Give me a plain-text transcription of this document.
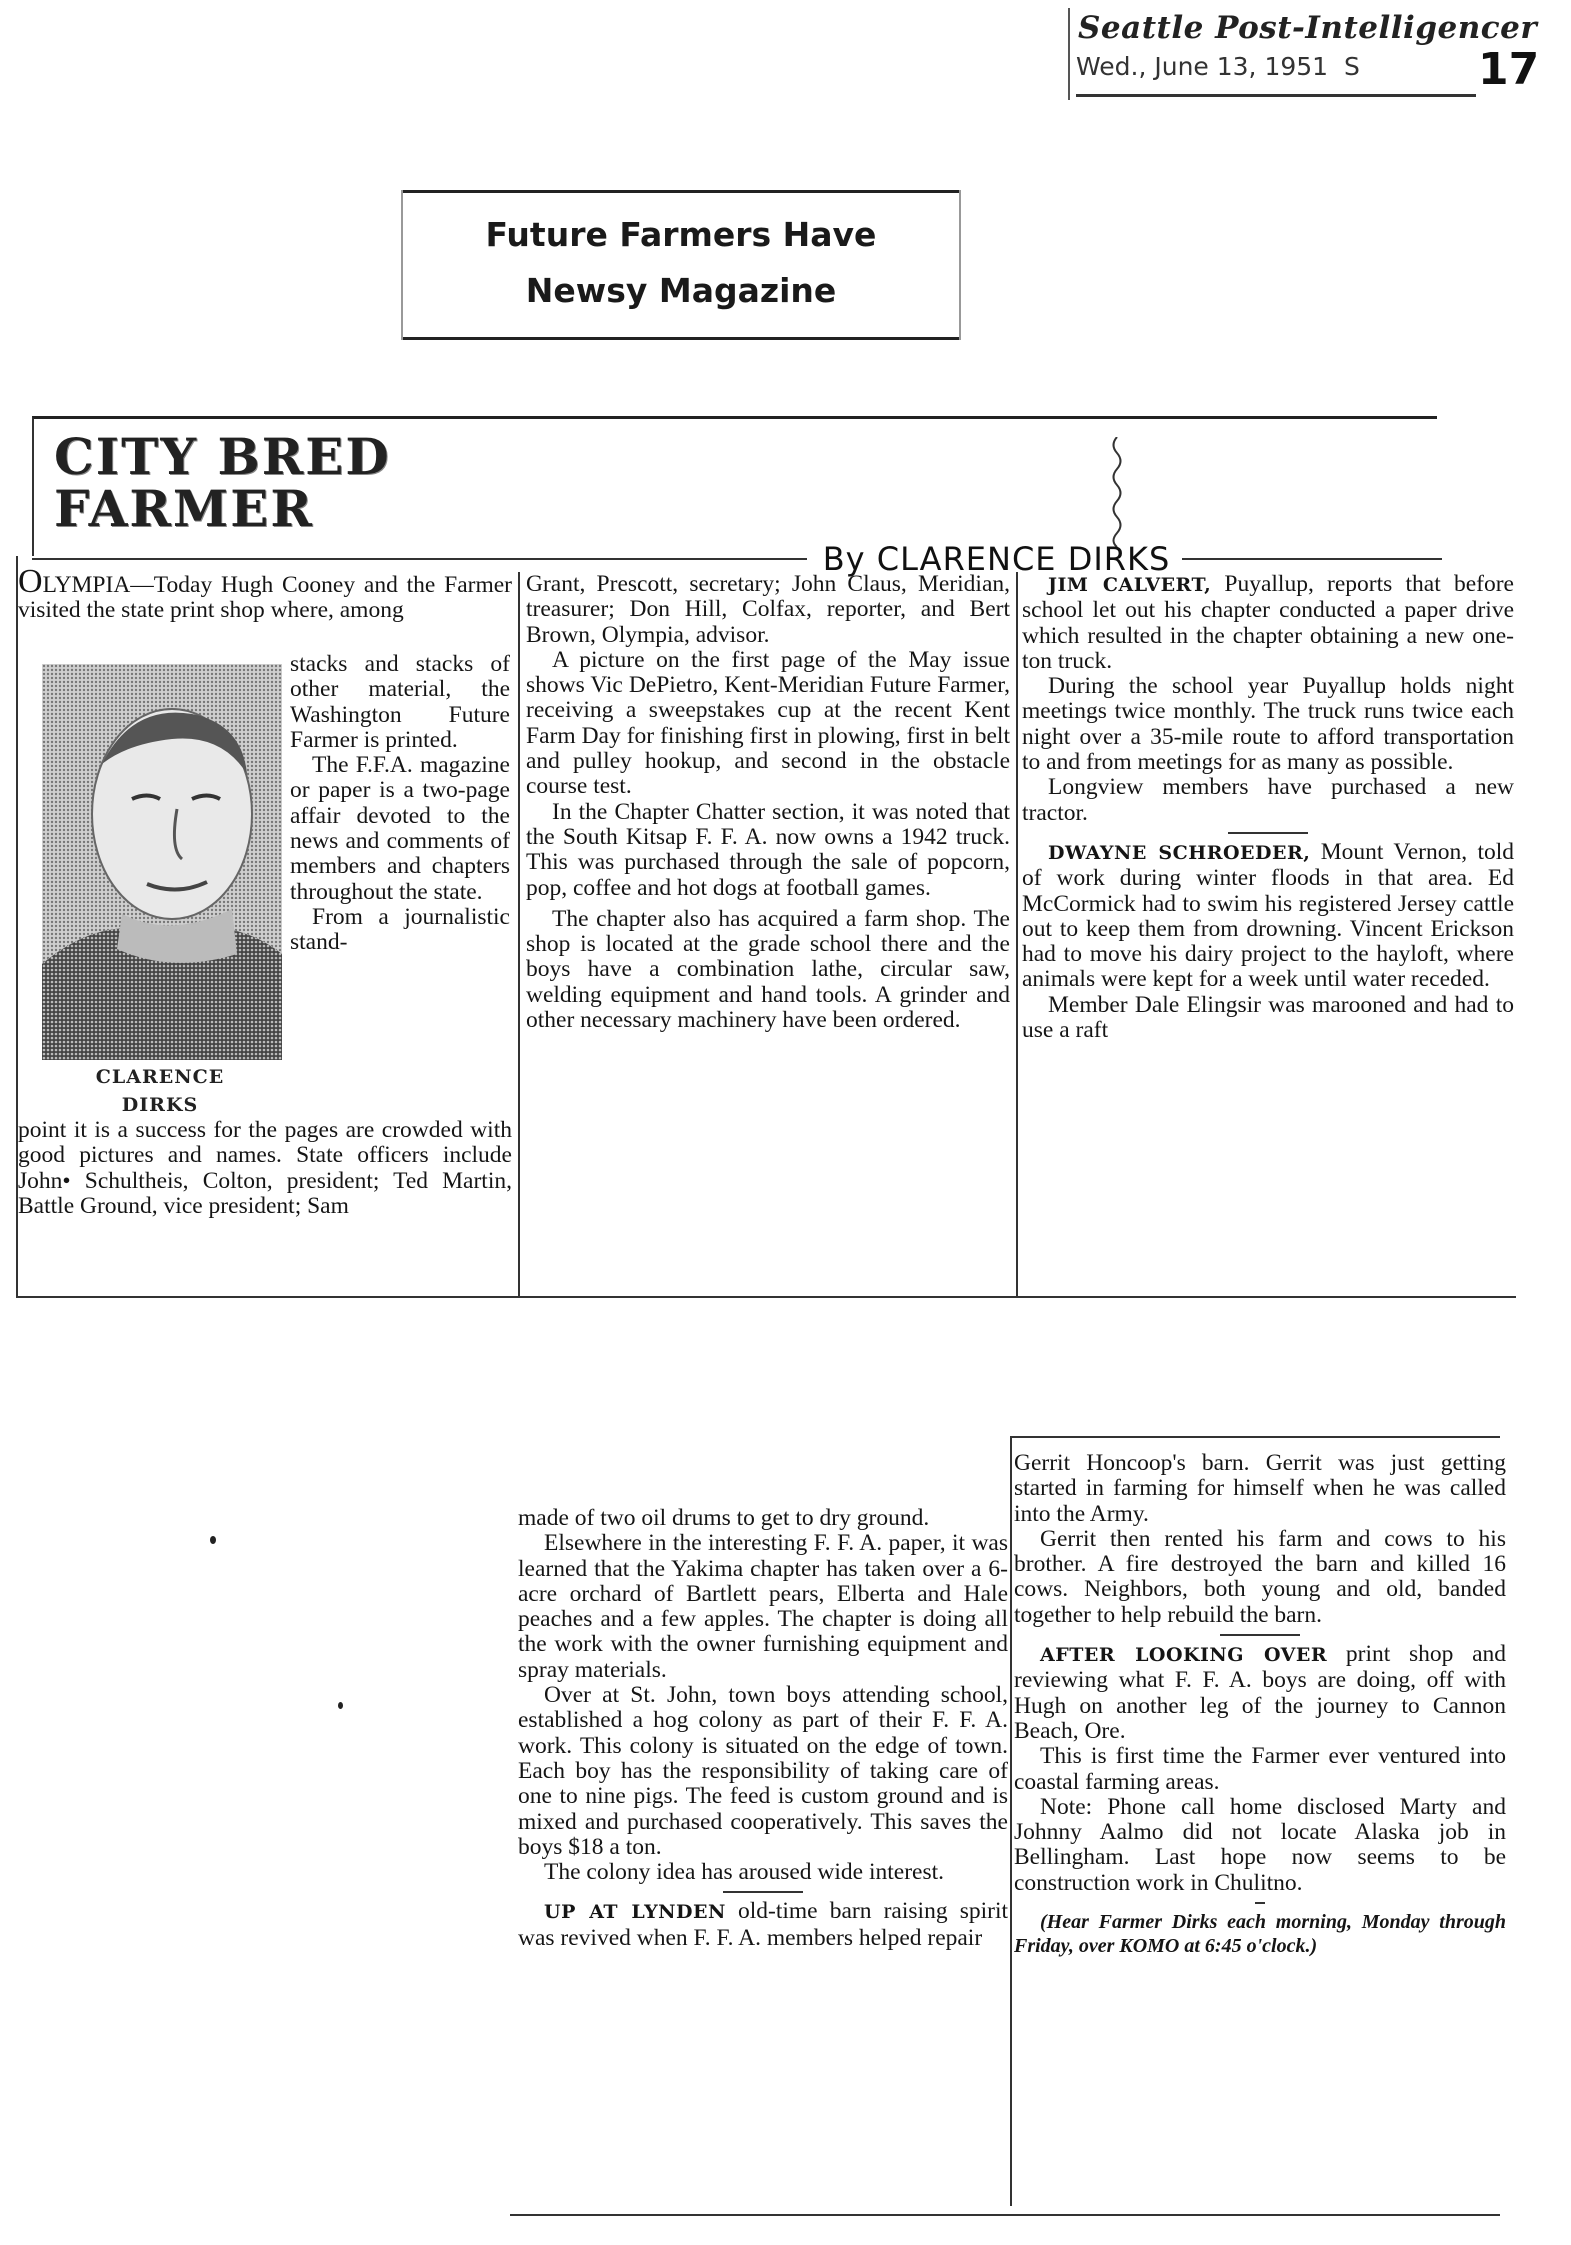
Seattle Post-Intelligencer
Wed., June 13, 1951 S	17
Future Farmers Have
Newsy Magazine
CITY BRED
FARMER
By CLARENCE DIRKS

OLYMPIA—Today Hugh Cooney and the Farmer visited the state print shop where, among

CLARENCE
DIRKS

stacks and stacks of other material, the Washington Future Farmer is printed.

The F.F.A. magazine or paper is a two-page affair devoted to the news and comments of members and chapters throughout the state.

From a journalistic stand-

point it is a success for the pages are crowded with good pictures and names. State officers include John• Schultheis, Colton, president; Ted Martin, Battle Ground, vice president; Sam

Grant, Prescott, secretary; John Claus, Meridian, treasurer; Don Hill, Colfax, reporter, and Bert Brown, Olympia, advisor.

A picture on the first page of the May issue shows Vic DePietro, Kent-Meridian Future Farmer, receiving a sweepstakes cup at the recent Kent Farm Day for finishing first in plowing, first in belt and pulley hookup, and second in the obstacle course test.

In the Chapter Chatter section, it was noted that the South Kitsap F. F. A. now owns a 1942 truck. This was purchased through the sale of popcorn, pop, coffee and hot dogs at football games.

The chapter also has acquired a farm shop. The shop is located at the grade school there and the boys have a combination lathe, circular saw, welding equipment and hand tools. A grinder and other necessary machinery have been ordered.

JIM CALVERT, Puyallup, reports that before school let out his chapter conducted a paper drive which resulted in the chapter obtaining a new one-ton truck.

During the school year Puyallup holds night meetings twice monthly. The truck runs twice each night over a 35-mile route to afford transportation to and from meetings for as many as possible.

Longview members have purchased a new tractor.

DWAYNE SCHROEDER, Mount Vernon, told of work during winter floods in that area. Ed McCormick had to swim his registered Jersey cattle out to keep them from drowning. Vincent Erickson had to move his dairy project to the hayloft, where animals were kept for a week until water receded.

Member Dale Elingsir was marooned and had to use a raft

made of two oil drums to get to dry ground.

Elsewhere in the interesting F. F. A. paper, it was learned that the Yakima chapter has taken over a 6-acre orchard of Bartlett pears, Elberta and Hale peaches and a few apples. The chapter is doing all the work with the owner furnishing equipment and spray materials.

Over at St. John, town boys attending school, established a hog colony as part of their F. F. A. work. This colony is situated on the edge of town. Each boy has the responsibility of taking care of one to nine pigs. The feed is custom ground and is mixed and purchased cooperatively. This saves the boys $18 a ton.

The colony idea has aroused wide interest.

UP AT LYNDEN old-time barn raising spirit was revived when F. F. A. members helped repair

Gerrit Honcoop's barn. Gerrit was just getting started in farming for himself when he was called into the Army.

Gerrit then rented his farm and cows to his brother. A fire destroyed the barn and killed 16 cows. Neighbors, both young and old, banded together to help rebuild the barn.

AFTER LOOKING OVER print shop and reviewing what F. F. A. boys are doing, off with Hugh on another leg of the journey to Cannon Beach, Ore.

This is first time the Farmer ever ventured into coastal farming areas.

Note: Phone call home disclosed Marty and Johnny Aalmo did not locate Alaska job in Bellingham. Last hope now seems to be construction work in Chulitno.

(Hear Farmer Dirks each morning, Monday through Friday, over KOMO at 6:45 o'clock.)
